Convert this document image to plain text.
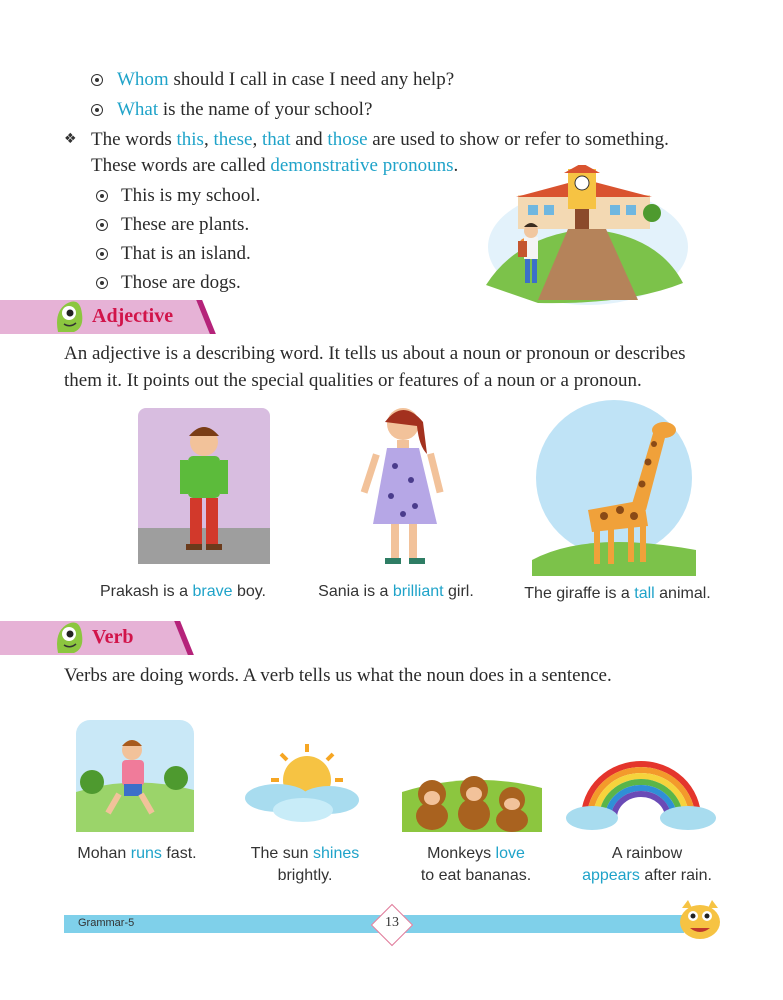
Whom should I call in case I need any help?
What is the name of your school?
❖ The words this, these, that and those are used to show or refer to something.
These words are called demonstrative pronouns.
This is my school.
These are plants.
That is an island.
Those are dogs.
Adjective
An adjective is a describing word. It tells us about a noun or pronoun or describes
them it. It points out the special qualities or features of a noun or a pronoun.
Prakash is a brave boy.	Sania is a brilliant girl.	The giraffe is a tall animal.
Verb
Verbs are doing words. A verb tells us what the noun does in a sentence.
Mohan runs fast.	The sun shines
brightly.
Monkeys love
to eat bananas.
A rainbow
appears after rain.
Grammar-5	13
